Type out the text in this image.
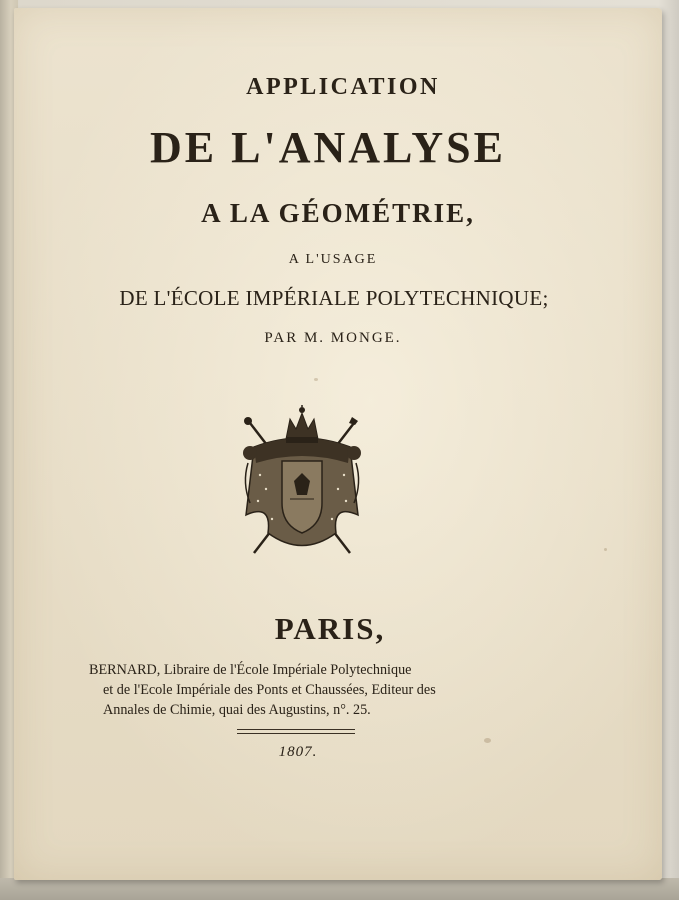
APPLICATION
DE L'ANALYSE
A LA GÉOMÉTRIE,
A L'USAGE
DE L'ÉCOLE IMPÉRIALE POLYTECHNIQUE;
PAR M. MONGE.
PARIS,
BERNARD, Libraire de l'École Impériale Polytechnique
et de l'Ecole Impériale des Ponts et Chaussées, Editeur des
Annales de Chimie, quai des Augustins, n°. 25.
1807.
